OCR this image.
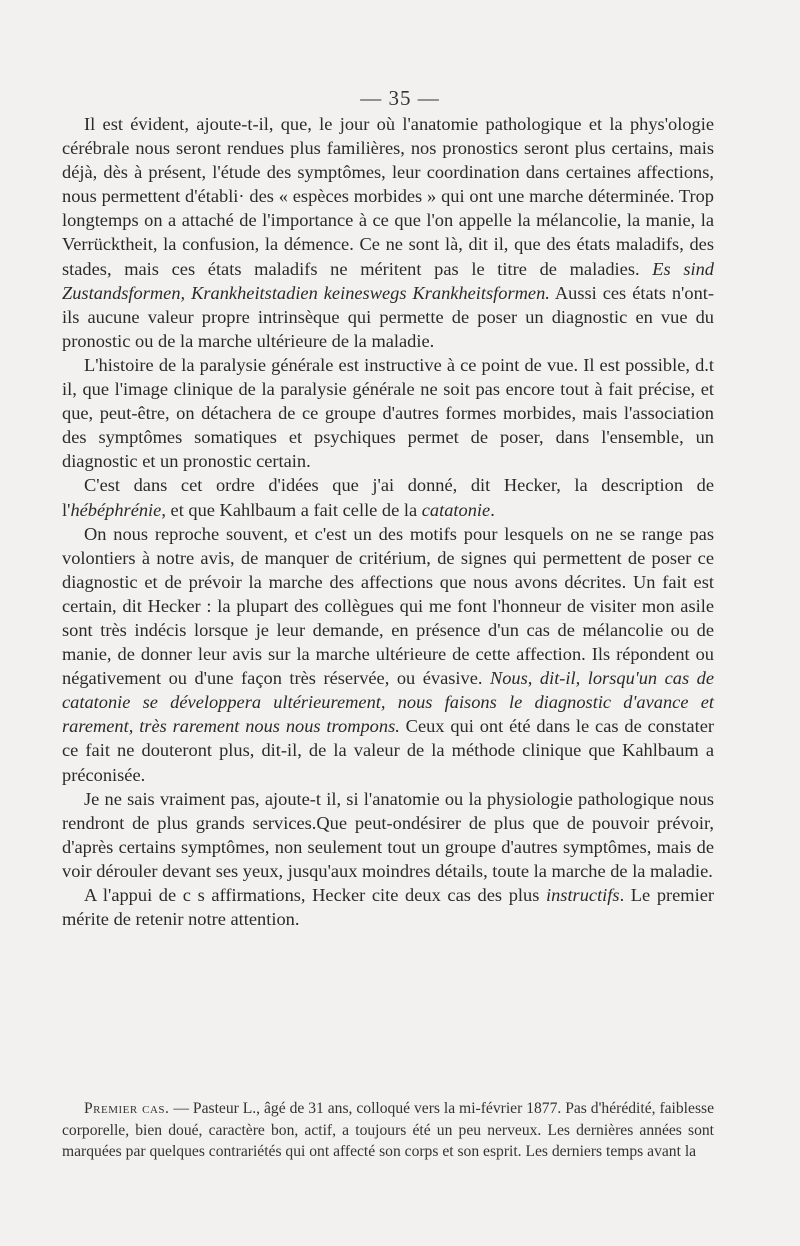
— 35 —

Il est évident, ajoute-t-il, que, le jour où l'anatomie pathologique et la phys'ologie cérébrale nous seront rendues plus familières, nos pronostics seront plus certains, mais déjà, dès à présent, l'étude des symptômes, leur coordination dans certaines affections, nous permettent d'établi· des « espèces morbides » qui ont une marche déterminée. Trop longtemps on a attaché de l'importance à ce que l'on appelle la mélancolie, la manie, la Verrücktheit, la confusion, la démence. Ce ne sont là, dit il, que des états maladifs, des stades, mais ces états maladifs ne méritent pas le titre de maladies. Es sind Zustandsformen, Krankheitstadien keineswegs Krankheitsformen. Aussi ces états n'ont-ils aucune valeur propre intrinsèque qui permette de poser un diagnostic en vue du pronostic ou de la marche ultérieure de la maladie.

L'histoire de la paralysie générale est instructive à ce point de vue. Il est possible, d.t il, que l'image clinique de la paralysie générale ne soit pas encore tout à fait précise, et que, peut-être, on détachera de ce groupe d'autres formes morbides, mais l'association des symptômes somatiques et psychiques permet de poser, dans l'ensemble, un diagnostic et un pronostic certain.

C'est dans cet ordre d'idées que j'ai donné, dit Hecker, la description de l'hébéphrénie, et que Kahlbaum a fait celle de la catatonie.

On nous reproche souvent, et c'est un des motifs pour lesquels on ne se range pas volontiers à notre avis, de manquer de critérium, de signes qui permettent de poser ce diagnostic et de prévoir la marche des affections que nous avons décrites. Un fait est certain, dit Hecker : la plupart des collègues qui me font l'honneur de visiter mon asile sont très indécis lorsque je leur demande, en présence d'un cas de mélancolie ou de manie, de donner leur avis sur la marche ultérieure de cette affection. Ils répondent ou négativement ou d'une façon très réservée, ou évasive. Nous, dit-il, lorsqu'un cas de catatonie se développera ultérieurement, nous faisons le diagnostic d'avance et rarement, très rarement nous nous trompons. Ceux qui ont été dans le cas de constater ce fait ne douteront plus, dit-il, de la valeur de la méthode clinique que Kahlbaum a préconisée.

Je ne sais vraiment pas, ajoute-t il, si l'anatomie ou la physiologie pathologique nous rendront de plus grands services.Que peut-ondésirer de plus que de pouvoir prévoir, d'après certains symptômes, non seulement tout un groupe d'autres symptômes, mais de voir dérouler devant ses yeux, jusqu'aux moindres détails, toute la marche de la maladie.

A l'appui de c s affirmations, Hecker cite deux cas des plus instructifs. Le premier mérite de retenir notre attention.

Premier cas. — Pasteur L., âgé de 31 ans, colloqué vers la mi-février 1877. Pas d'hérédité, faiblesse corporelle, bien doué, caractère bon, actif, a toujours été un peu nerveux. Les dernières années sont marquées par quelques contrariétés qui ont affecté son corps et son esprit. Les derniers temps avant la
